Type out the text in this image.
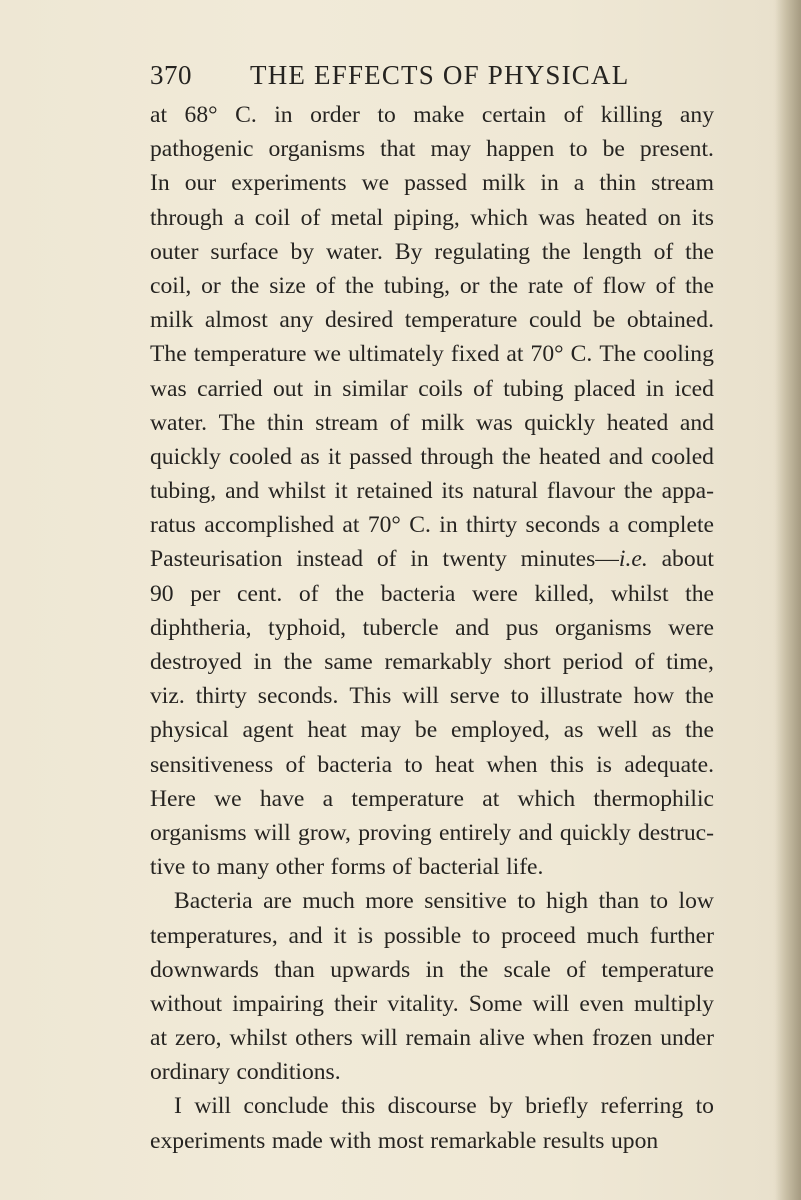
370 THE EFFECTS OF PHYSICAL
at 68° C. in order to make certain of killing any
pathogenic organisms that may happen to be present.
In our experiments we passed milk in a thin stream
through a coil of metal piping, which was heated on its
outer surface by water. By regulating the length of the
coil, or the size of the tubing, or the rate of flow of the
milk almost any desired temperature could be obtained.
The temperature we ultimately fixed at 70° C. The cooling
was carried out in similar coils of tubing placed in iced
water. The thin stream of milk was quickly heated and
quickly cooled as it passed through the heated and cooled
tubing, and whilst it retained its natural flavour the appa-
ratus accomplished at 70° C. in thirty seconds a complete
Pasteurisation instead of in twenty minutes—i.e. about
90 per cent. of the bacteria were killed, whilst the
diphtheria, typhoid, tubercle and pus organisms were
destroyed in the same remarkably short period of time,
viz. thirty seconds. This will serve to illustrate how the
physical agent heat may be employed, as well as the
sensitiveness of bacteria to heat when this is adequate.
Here we have a temperature at which thermophilic
organisms will grow, proving entirely and quickly destruc-
tive to many other forms of bacterial life.
Bacteria are much more sensitive to high than to low
temperatures, and it is possible to proceed much further
downwards than upwards in the scale of temperature
without impairing their vitality. Some will even multiply
at zero, whilst others will remain alive when frozen under
ordinary conditions.
I will conclude this discourse by briefly referring to
experiments made with most remarkable results upon
